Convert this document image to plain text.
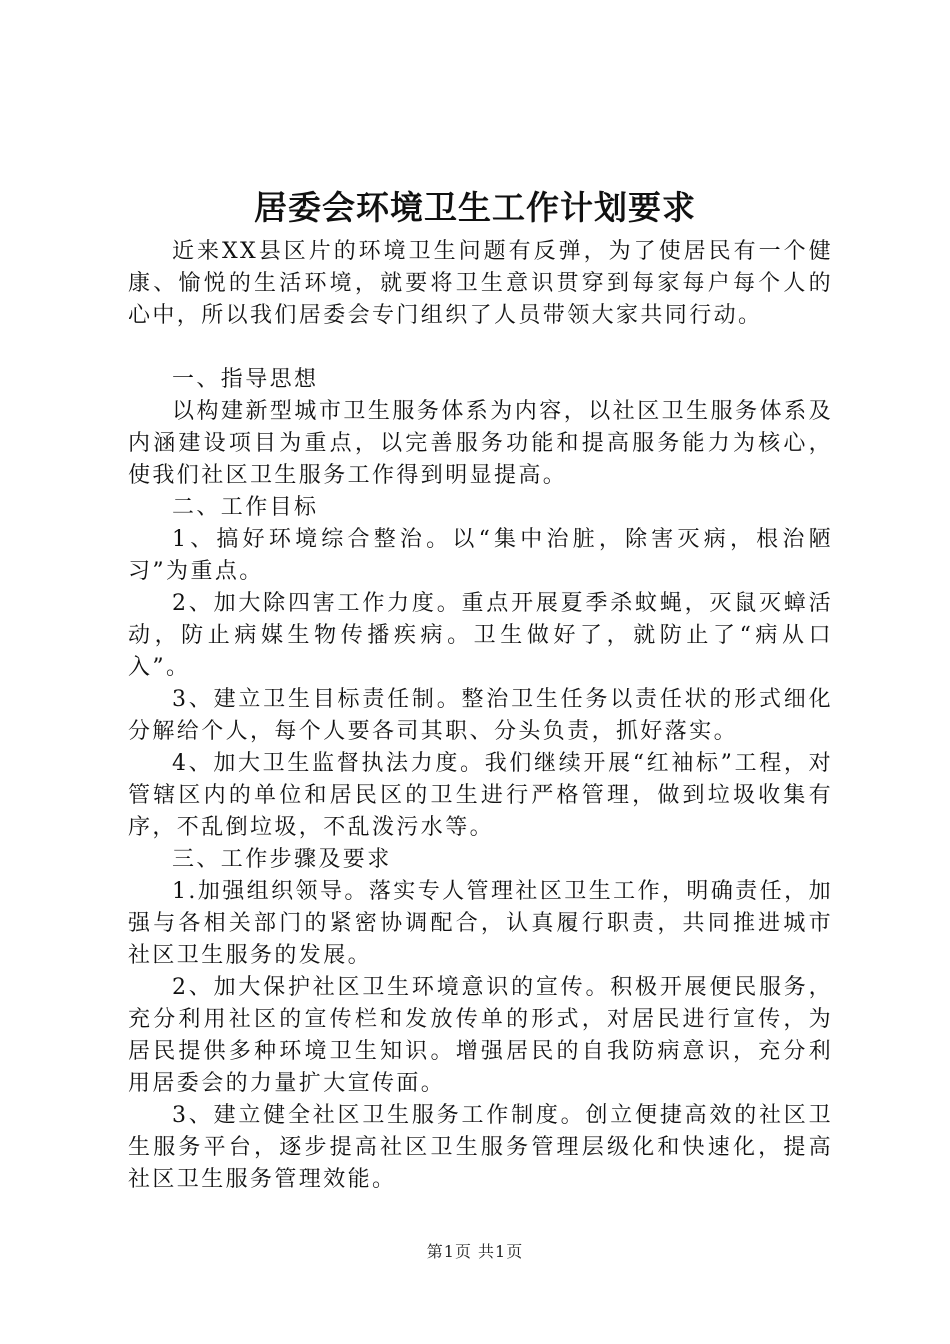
居委会环境卫生工作计划要求

近来XX县区片的环境卫生问题有反弹，为了使居民有一个健康、愉悦的生活环境，就要将卫生意识贯穿到每家每户每个人的心中，所以我们居委会专门组织了人员带领大家共同行动。

一、指导思想

以构建新型城市卫生服务体系为内容，以社区卫生服务体系及内涵建设项目为重点，以完善服务功能和提高服务能力为核心，使我们社区卫生服务工作得到明显提高。

二、工作目标

1、搞好环境综合整治。以“集中治脏，除害灭病，根治陋习”为重点。

2、加大除四害工作力度。重点开展夏季杀蚊蝇，灭鼠灭蟑活动，防止病媒生物传播疾病。卫生做好了，就防止了“病从口入”。

3、建立卫生目标责任制。整治卫生任务以责任状的形式细化分解给个人，每个人要各司其职、分头负责，抓好落实。

4、加大卫生监督执法力度。我们继续开展“红袖标”工程，对管辖区内的单位和居民区的卫生进行严格管理，做到垃圾收集有序，不乱倒垃圾，不乱泼污水等。

三、工作步骤及要求

1.加强组织领导。落实专人管理社区卫生工作，明确责任，加强与各相关部门的紧密协调配合，认真履行职责，共同推进城市社区卫生服务的发展。

2、加大保护社区卫生环境意识的宣传。积极开展便民服务，充分利用社区的宣传栏和发放传单的形式，对居民进行宣传，为居民提供多种环境卫生知识。增强居民的自我防病意识，充分利用居委会的力量扩大宣传面。

3、建立健全社区卫生服务工作制度。创立便捷高效的社区卫生服务平台，逐步提高社区卫生服务管理层级化和快速化，提高社区卫生服务管理效能。

第1页 共1页
